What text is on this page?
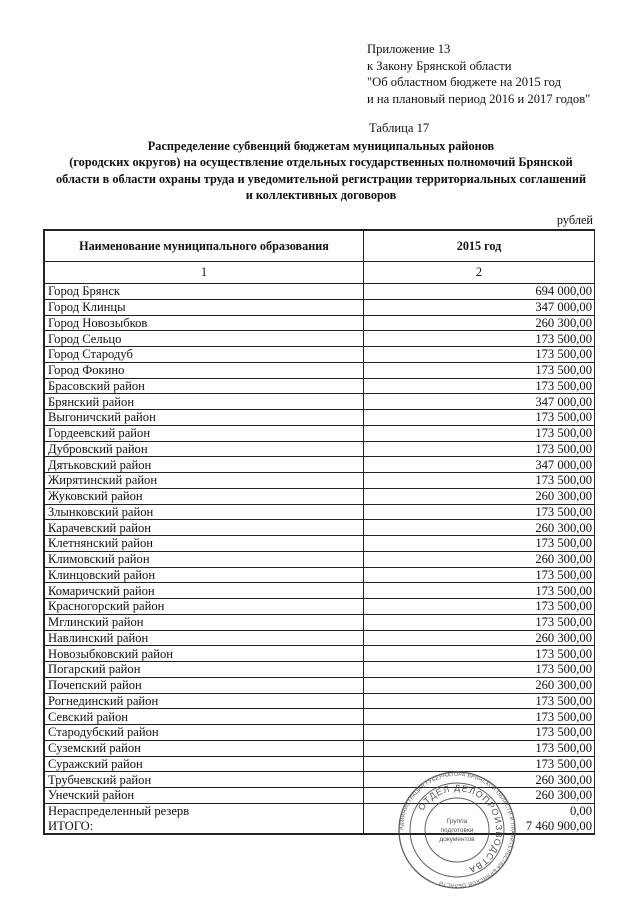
Приложение 13
к Закону Брянской области
"Об областном бюджете на 2015 год
и на плановый период 2016 и 2017 годов"
Таблица 17
Распределение субвенций бюджетам муниципальных районов
(городских округов) на осуществление отдельных государственных полномочий Брянской
области в области охраны труда и уведомительной регистрации территориальных соглашений
и коллективных договоров
рублей
Наименование муниципального образования	2015 год
1	2
Город Брянск	694 000,00
Город Клинцы	347 000,00
Город Новозыбков	260 300,00
Город Сельцо	173 500,00
Город Стародуб	173 500,00
Город Фокино	173 500,00
Брасовский район	173 500,00
Брянский район	347 000,00
Выгоничский район	173 500,00
Гордеевский район	173 500,00
Дубровский район	173 500,00
Дятьковский район	347 000,00
Жирятинский район	173 500,00
Жуковский район	260 300,00
Злынковский район	173 500,00
Карачевский район	260 300,00
Клетнянский район	173 500,00
Климовский район	260 300,00
Клинцовский район	173 500,00
Комаричский район	173 500,00
Красногорский район	173 500,00
Мглинский район	173 500,00
Навлинский район	260 300,00
Новозыбковский район	173 500,00
Погарский район	173 500,00
Почепский район	260 300,00
Рогнединский район	173 500,00
Севский район	173 500,00
Стародубский район	173 500,00
Суземский район	173 500,00
Суражский район	173 500,00
Трубчевский район	260 300,00
Унечский район	260 300,00
Нераспределенный резерв	0,00
ИТОГО:	7 460 900,00
АДМИНИСТРАЦИЯ ГУБЕРНАТОРА БРЯНСКОЙ ОБЛАСТИ И ПРАВИТЕЛЬСТВА БРЯНСКОЙ ОБЛАСТИ
ОТДЕЛ ДЕЛОПРОИЗВОДСТВА
Группа
подготовки
документов
